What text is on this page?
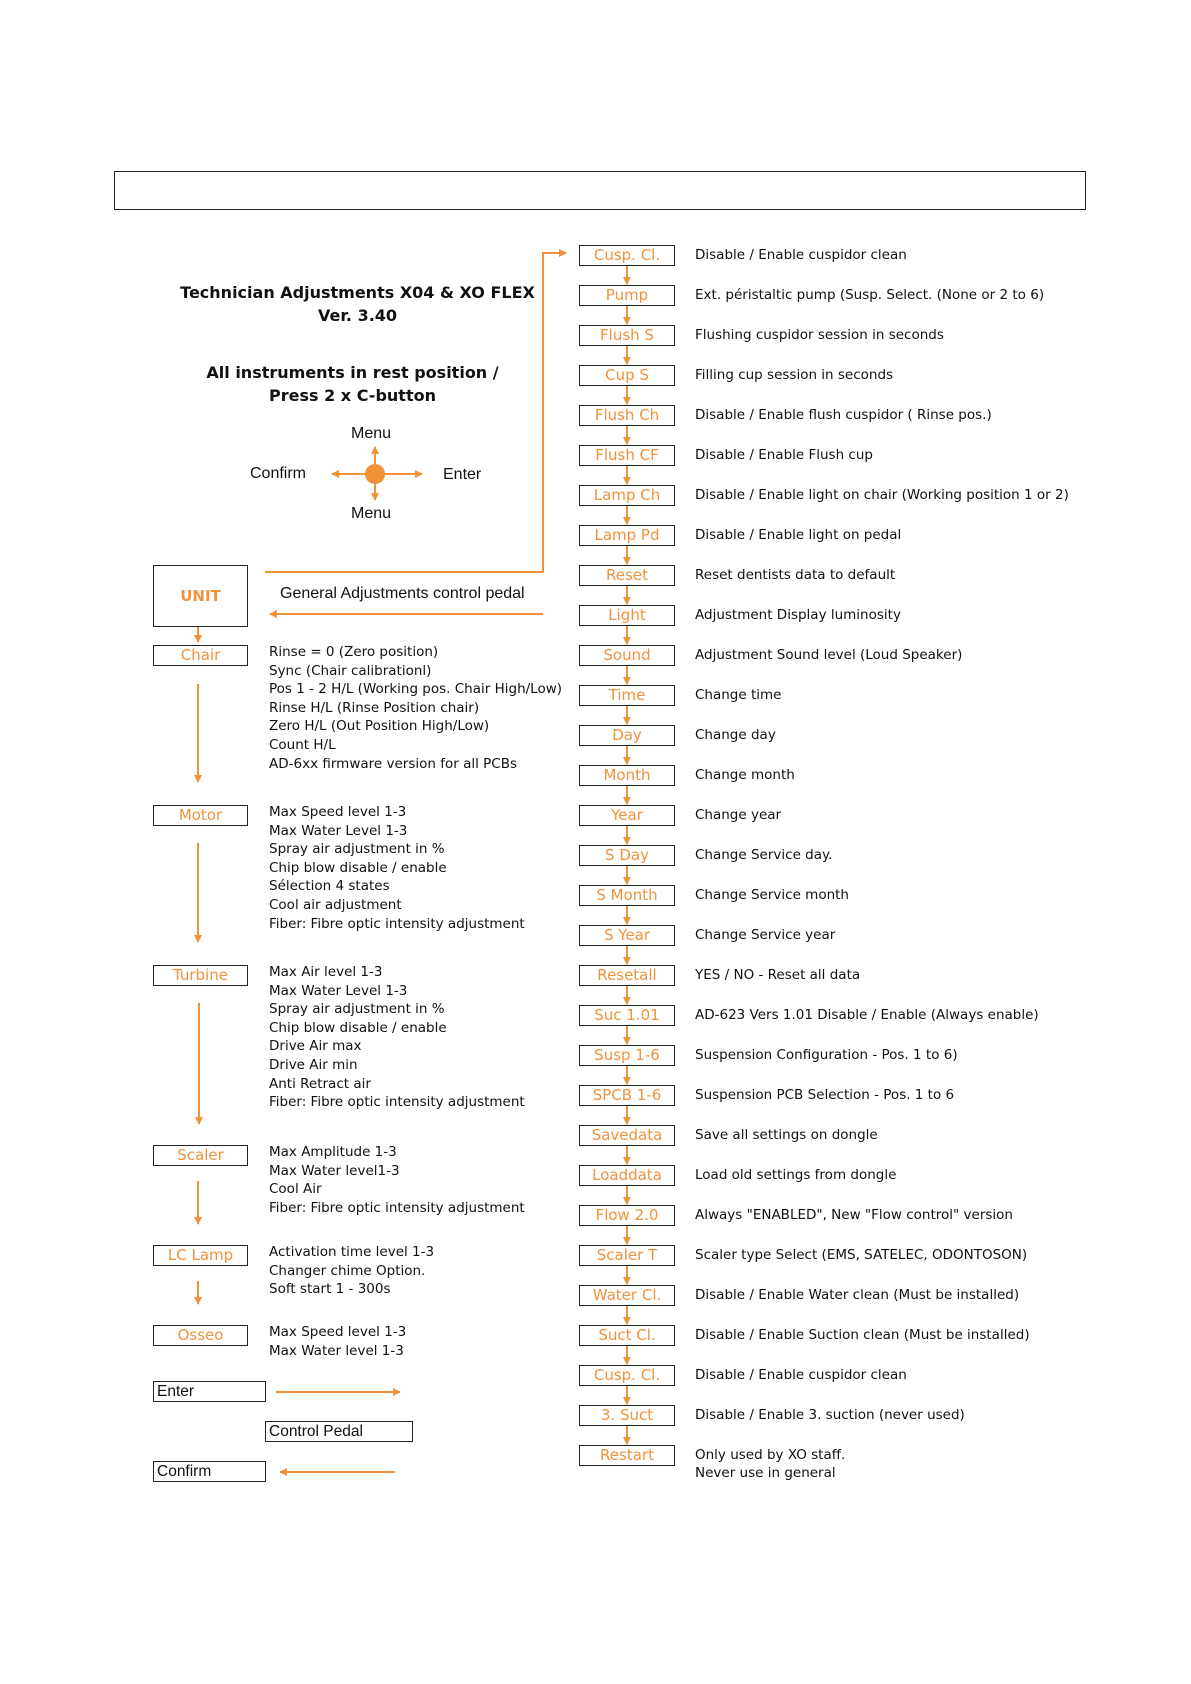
Technician Adjustments X04 & XO FLEX
Ver. 3.40
All instruments in rest position /
Press 2 x C-button
Menu
Menu
Confirm	Enter
UNIT	General Adjustments control pedal
Chair	Rinse = 0 (Zero position)
Sync (Chair calibrationl)
Pos 1 - 2 H/L (Working pos. Chair High/Low)
Rinse H/L (Rinse Position chair)
Zero H/L (Out Position High/Low)
Count H/L
AD-6xx firmware version for all PCBs
Motor	Max Speed level 1-3
Max Water Level 1-3
Spray air adjustment in %
Chip blow disable / enable
Sélection 4 states
Cool air adjustment
Fiber: Fibre optic intensity adjustment
Turbine	Max Air level 1-3
Max Water Level 1-3
Spray air adjustment in %
Chip blow disable / enable
Drive Air max
Drive Air min
Anti Retract air
Fiber: Fibre optic intensity adjustment
Scaler	Max Amplitude 1-3
Max Water level1-3
Cool Air
Fiber: Fibre optic intensity adjustment
LC Lamp	Activation time level 1-3
Changer chime Option.
Soft start 1 - 300s
Osseo	Max Speed level 1-3
Max Water level 1-3
Cusp. Cl.	Disable / Enable cuspidor clean
Pump	Ext. péristaltic pump (Susp. Select. (None or 2 to 6)
Flush S	Flushing cuspidor session in seconds
Cup S	Filling cup session in seconds
Flush Ch	Disable / Enable flush cuspidor ( Rinse pos.)
Flush CF	Disable / Enable Flush cup
Lamp Ch	Disable / Enable light on chair (Working position 1 or 2)
Lamp Pd	Disable / Enable light on pedal
Reset	Reset dentists data to default
Light	Adjustment Display luminosity
Sound	Adjustment Sound level (Loud Speaker)
Time	Change time
Day	Change day
Month	Change month
Year	Change year
S Day	Change Service day.
S Month	Change Service month
S Year	Change Service year
Resetall	YES / NO - Reset all data
Suc 1.01	AD-623 Vers 1.01 Disable / Enable (Always enable)
Susp 1-6	Suspension Configuration - Pos. 1 to 6)
SPCB 1-6	Suspension PCB Selection - Pos. 1 to 6
Savedata	Save all settings on dongle
Loaddata	Load old settings from dongle
Flow 2.0	Always "ENABLED", New "Flow control" version
Scaler T	Scaler type Select (EMS, SATELEC, ODONTOSON)
Water Cl.	Disable / Enable Water clean (Must be installed)
Suct Cl.	Disable / Enable Suction clean (Must be installed)
Cusp. Cl.	Disable / Enable cuspidor clean
3. Suct	Disable / Enable 3. suction (never used)
Restart	Only used by XO staff.
Never use in general
Enter
Control Pedal
Confirm
